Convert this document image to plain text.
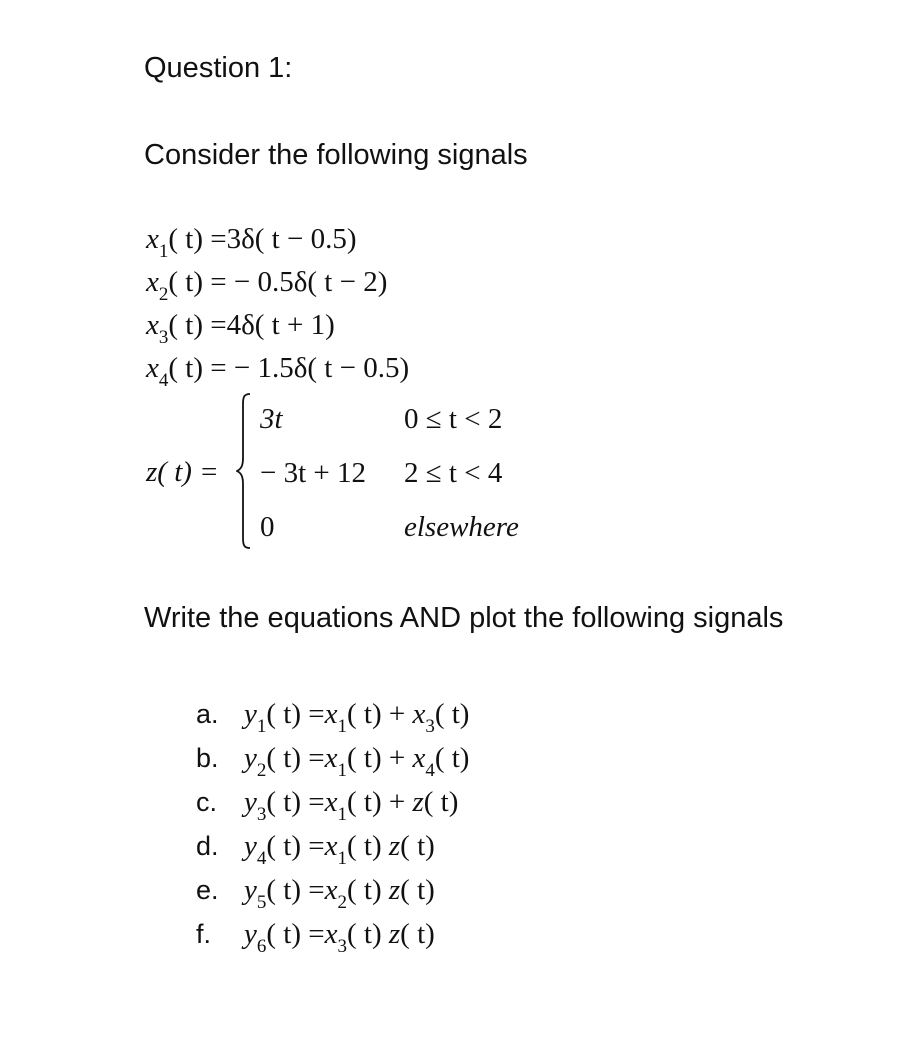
Question 1:
Consider the following signals
$x_1$( t) =3δ( t − 0.5)
$x_2$( t) = − 0.5δ( t − 2)
$x_3$( t) =4δ( t + 1)
$x_4$( t) = − 1.5δ( t − 0.5)
z( t) =
3t	0 ≤ t < 2
− 3t + 12 2 ≤ t < 4
0	elsewhere
Write the equations AND plot the following signals
a. $y_1$( $t) =x_1$( $t) + x_3$( t)
b. $y_2$( $t) =x_1$( $t) + x_4$( t)
c. $y_3$( $t) =x_1$( t) + z( t)
d. $y_4$( $t) =x_1$( t) z( t)
e. $y_5$( $t) =x_2$( t) z( t)
f. $y_6$( $t) =x_3$( t) z( t)
